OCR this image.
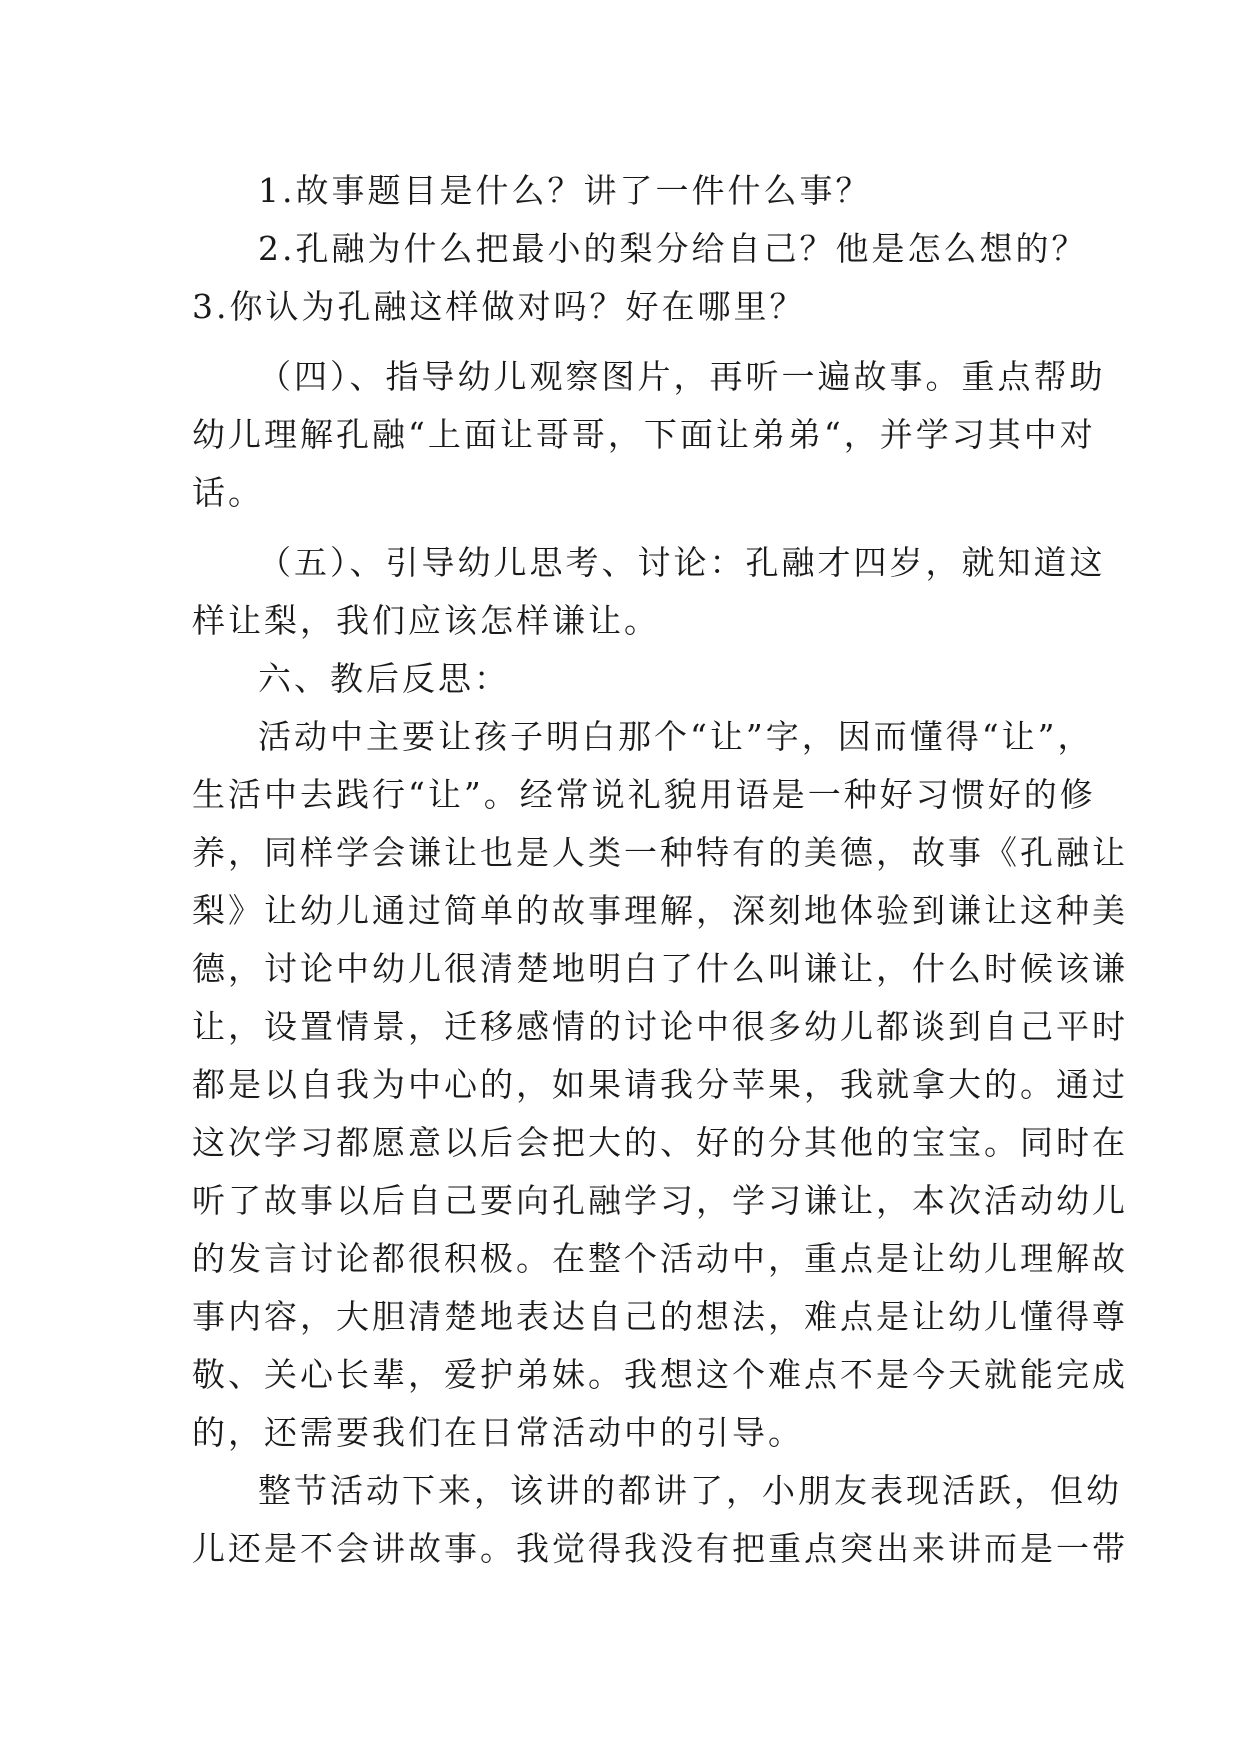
1.故事题目是什么？讲了一件什么事？
2.孔融为什么把最小的梨分给自己？他是怎么想的？
3.你认为孔融这样做对吗？好在哪里？
（四）、指导幼儿观察图片，再听一遍故事。重点帮助
幼儿理解孔融“上面让哥哥，下面让弟弟“，并学习其中对
话。
（五）、引导幼儿思考、讨论：孔融才四岁，就知道这
样让梨，我们应该怎样谦让。
六、教后反思：
活动中主要让孩子明白那个“让”字，因而懂得“让”，
生活中去践行“让”。经常说礼貌用语是一种好习惯好的修
养，同样学会谦让也是人类一种特有的美德，故事《孔融让
梨》让幼儿通过简单的故事理解，深刻地体验到谦让这种美
德，讨论中幼儿很清楚地明白了什么叫谦让，什么时候该谦
让，设置情景，迁移感情的讨论中很多幼儿都谈到自己平时
都是以自我为中心的，如果请我分苹果，我就拿大的。通过
这次学习都愿意以后会把大的、好的分其他的宝宝。同时在
听了故事以后自己要向孔融学习，学习谦让，本次活动幼儿
的发言讨论都很积极。在整个活动中，重点是让幼儿理解故
事内容，大胆清楚地表达自己的想法，难点是让幼儿懂得尊
敬、关心长辈，爱护弟妹。我想这个难点不是今天就能完成
的，还需要我们在日常活动中的引导。
整节活动下来，该讲的都讲了，小朋友表现活跃，但幼
儿还是不会讲故事。我觉得我没有把重点突出来讲而是一带
